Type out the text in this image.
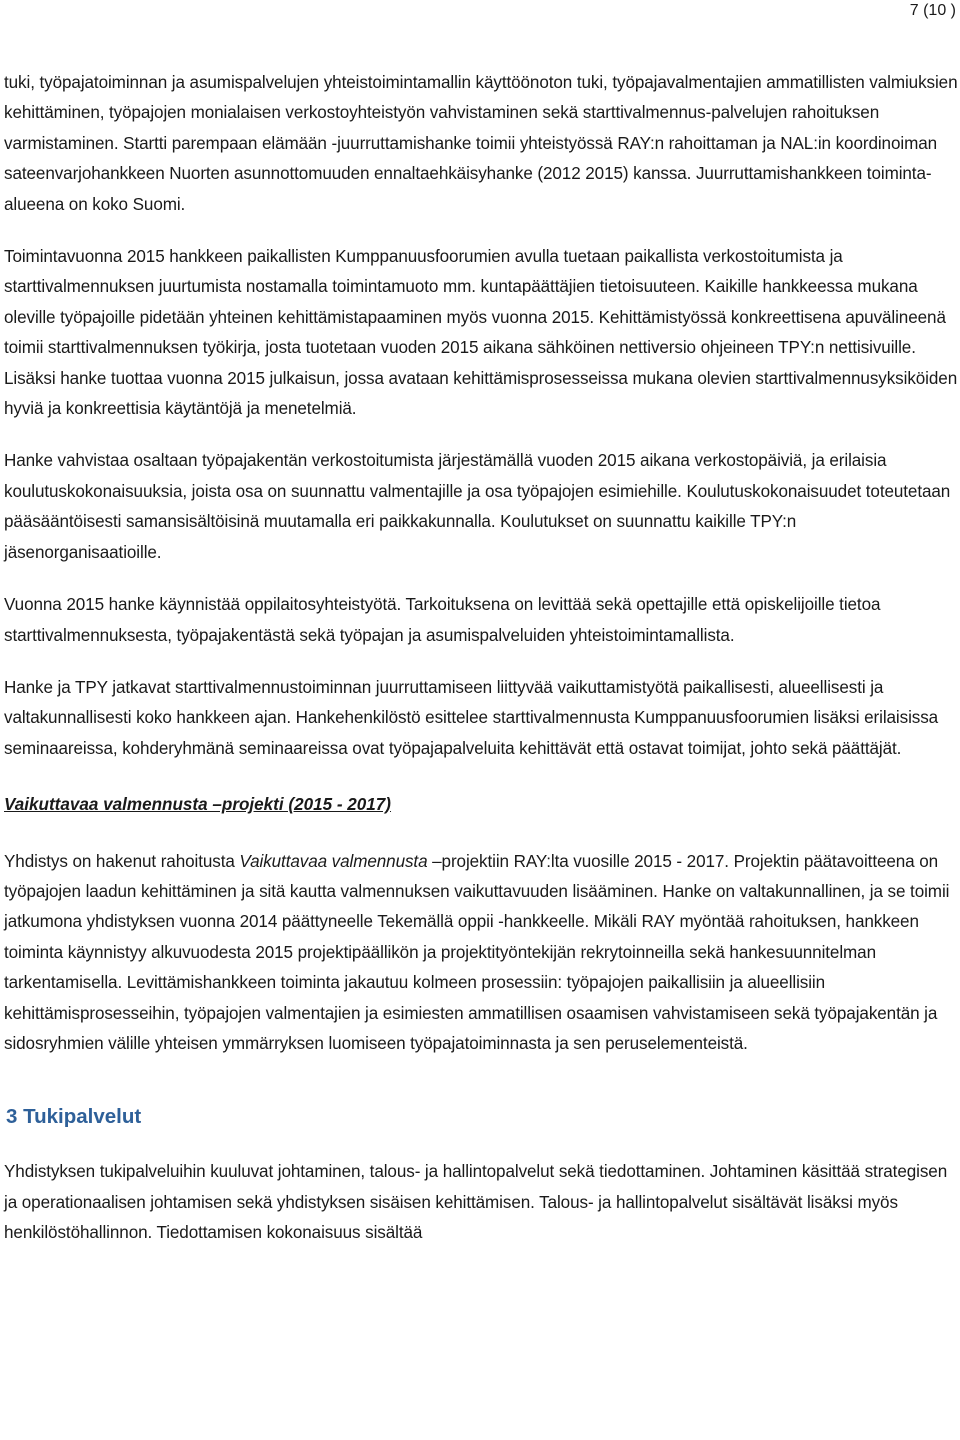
7 (10 )

tuki, työpajatoiminnan ja asumispalvelujen yhteistoimintamallin käyttöönoton tuki, työpajavalmentajien ammatillisten valmiuksien kehittäminen, työpajojen monialaisen verkostoyhteistyön vahvistaminen sekä starttivalmennus-palvelujen rahoituksen varmistaminen. Startti parempaan elämään -juurruttamishanke toimii yhteistyössä RAY:n rahoittaman ja NAL:in koordinoiman sateenvarjohankkeen Nuorten asunnottomuuden ennaltaehkäisyhanke (2012 2015) kanssa. Juurruttamishankkeen toiminta-alueena on koko Suomi.

Toimintavuonna 2015 hankkeen paikallisten Kumppanuusfoorumien avulla tuetaan paikallista verkostoitumista ja starttivalmennuksen juurtumista nostamalla toimintamuoto mm. kuntapäättäjien tietoisuuteen. Kaikille hankkeessa mukana oleville työpajoille pidetään yhteinen kehittämistapaaminen myös vuonna 2015. Kehittämistyössä konkreettisena apuvälineenä toimii starttivalmennuksen työkirja, josta tuotetaan vuoden 2015 aikana sähköinen nettiversio ohjeineen TPY:n nettisivuille. Lisäksi hanke tuottaa vuonna 2015 julkaisun, jossa avataan kehittämisprosesseissa mukana olevien starttivalmennusyksiköiden hyviä ja konkreettisia käytäntöjä ja menetelmiä.

Hanke vahvistaa osaltaan työpajakentän verkostoitumista järjestämällä vuoden 2015 aikana verkostopäiviä, ja erilaisia koulutuskokonaisuuksia, joista osa on suunnattu valmentajille ja osa työpajojen esimiehille. Koulutuskokonaisuudet toteutetaan pääsääntöisesti samansisältöisinä muutamalla eri paikkakunnalla. Koulutukset on suunnattu kaikille TPY:n jäsenorganisaatioille.

Vuonna 2015 hanke käynnistää oppilaitosyhteistyötä. Tarkoituksena on levittää sekä opettajille että opiskelijoille tietoa starttivalmennuksesta, työpajakentästä sekä työpajan ja asumispalveluiden yhteistoimintamallista.

Hanke ja TPY jatkavat starttivalmennustoiminnan juurruttamiseen liittyvää vaikuttamistyötä paikallisesti, alueellisesti ja valtakunnallisesti koko hankkeen ajan. Hankehenkilöstö esittelee starttivalmennusta Kumppanuusfoorumien lisäksi erilaisissa seminaareissa, kohderyhmänä seminaareissa ovat työpajapalveluita kehittävät että ostavat toimijat, johto sekä päättäjät.

Vaikuttavaa valmennusta –projekti (2015 - 2017)

Yhdistys on hakenut rahoitusta Vaikuttavaa valmennusta –projektiin RAY:lta vuosille 2015 - 2017. Projektin päätavoitteena on työpajojen laadun kehittäminen ja sitä kautta valmennuksen vaikuttavuuden lisääminen. Hanke on valtakunnallinen, ja se toimii jatkumona yhdistyksen vuonna 2014 päättyneelle Tekemällä oppii -hankkeelle. Mikäli RAY myöntää rahoituksen, hankkeen toiminta käynnistyy alkuvuodesta 2015 projektipäällikön ja projektityöntekijän rekrytoinneilla sekä hankesuunnitelman tarkentamisella. Levittämishankkeen toiminta jakautuu kolmeen prosessiin: työpajojen paikallisiin ja alueellisiin kehittämisprosesseihin, työpajojen valmentajien ja esimiesten ammatillisen osaamisen vahvistamiseen sekä työpajakentän ja sidosryhmien välille yhteisen ymmärryksen luomiseen työpajatoiminnasta ja sen peruselementeistä.

3 Tukipalvelut

Yhdistyksen tukipalveluihin kuuluvat johtaminen, talous- ja hallintopalvelut sekä tiedottaminen. Johtaminen käsittää strategisen ja operationaalisen johtamisen sekä yhdistyksen sisäisen kehittämisen. Talous- ja hallintopalvelut sisältävät lisäksi myös henkilöstöhallinnon. Tiedottamisen kokonaisuus sisältää
